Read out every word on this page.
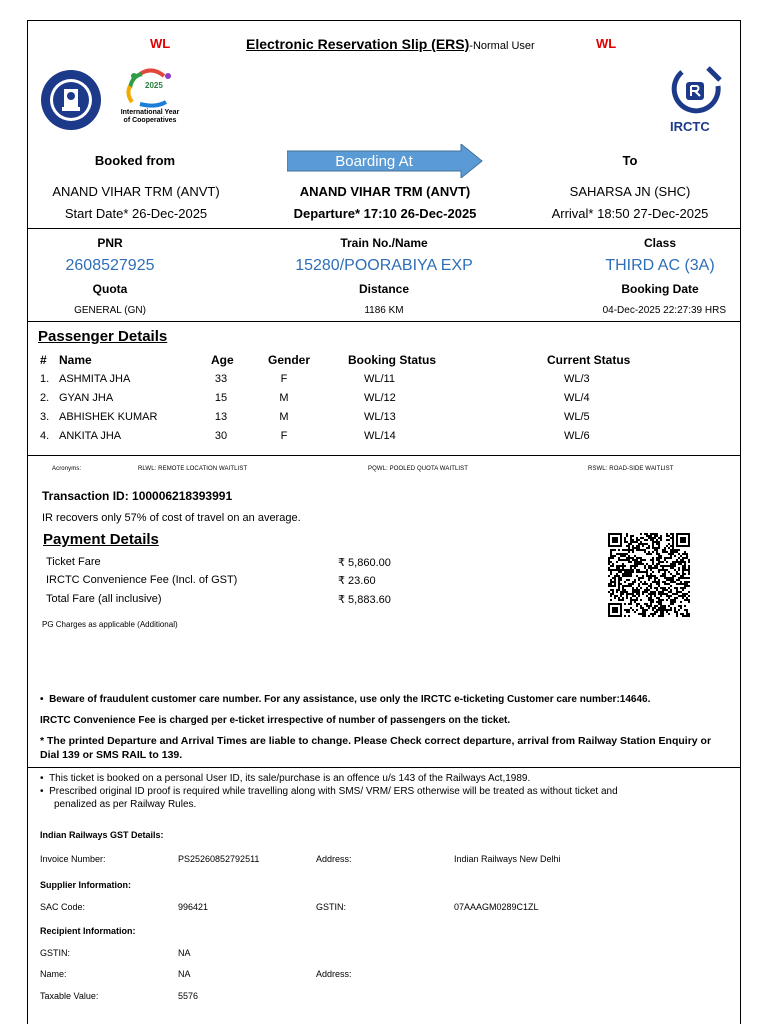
WL	Electronic Reservation Slip (ERS)-Normal User	WL
2025
International Year
of Cooperatives	IRCTC
Booked from	Boarding At	To
ANAND VIHAR TRM (ANVT)	ANAND VIHAR TRM (ANVT)	SAHARSA JN (SHC)
Start Date* 26-Dec-2025	Departure* 17:10 26-Dec-2025	Arrival* 18:50 27-Dec-2025
PNR	Train No./Name	Class
2608527925	15280/POORABIYA EXP	THIRD AC (3A)
Quota	Distance	Booking Date
GENERAL (GN)	1186 KM	04-Dec-2025 22:27:39 HRS
Passenger Details
# Name	Age	Gender	Booking Status	Current Status
1. ASHMITA JHA	33	F	WL/11	WL/3
2. GYAN JHA	15	M	WL/12	WL/4
3. ABHISHEK KUMAR	13	M	WL/13	WL/5
4. ANKITA JHA	30	F	WL/14	WL/6
Acronyms:	RLWL: REMOTE LOCATION WAITLIST	PQWL: POOLED QUOTA WAITLIST	RSWL: ROAD-SIDE WAITLIST
Transaction ID: 100006218393991
IR recovers only 57% of cost of travel on an average.
Payment Details
Ticket Fare	₹ 5,860.00
IRCTC Convenience Fee (Incl. of GST)	₹ 23.60
Total Fare (all inclusive)	₹ 5,883.60
PG Charges as applicable (Additional)
•  Beware of fraudulent customer care number. For any assistance, use only the IRCTC e-ticketing Customer care number:14646.
IRCTC Convenience Fee is charged per e-ticket irrespective of number of passengers on the ticket.
* The printed Departure and Arrival Times are liable to change. Please Check correct departure, arrival from Railway Station Enquiry or
Dial 139 or SMS RAIL to 139.
•  This ticket is booked on a personal User ID, its sale/purchase is an offence u/s 143 of the Railways Act,1989.
•  Prescribed original ID proof is required while travelling along with SMS/ VRM/ ERS otherwise will be treated as without ticket and
penalized as per Railway Rules.
Indian Railways GST Details:
Invoice Number:	PS25260852792511	Address:	Indian Railways New Delhi
Supplier Information:
SAC Code:	996421	GSTIN:	07AAAGM0289C1ZL
Recipient Information:
GSTIN:	NA
Name:	NA	Address:
Taxable Value:	5576
